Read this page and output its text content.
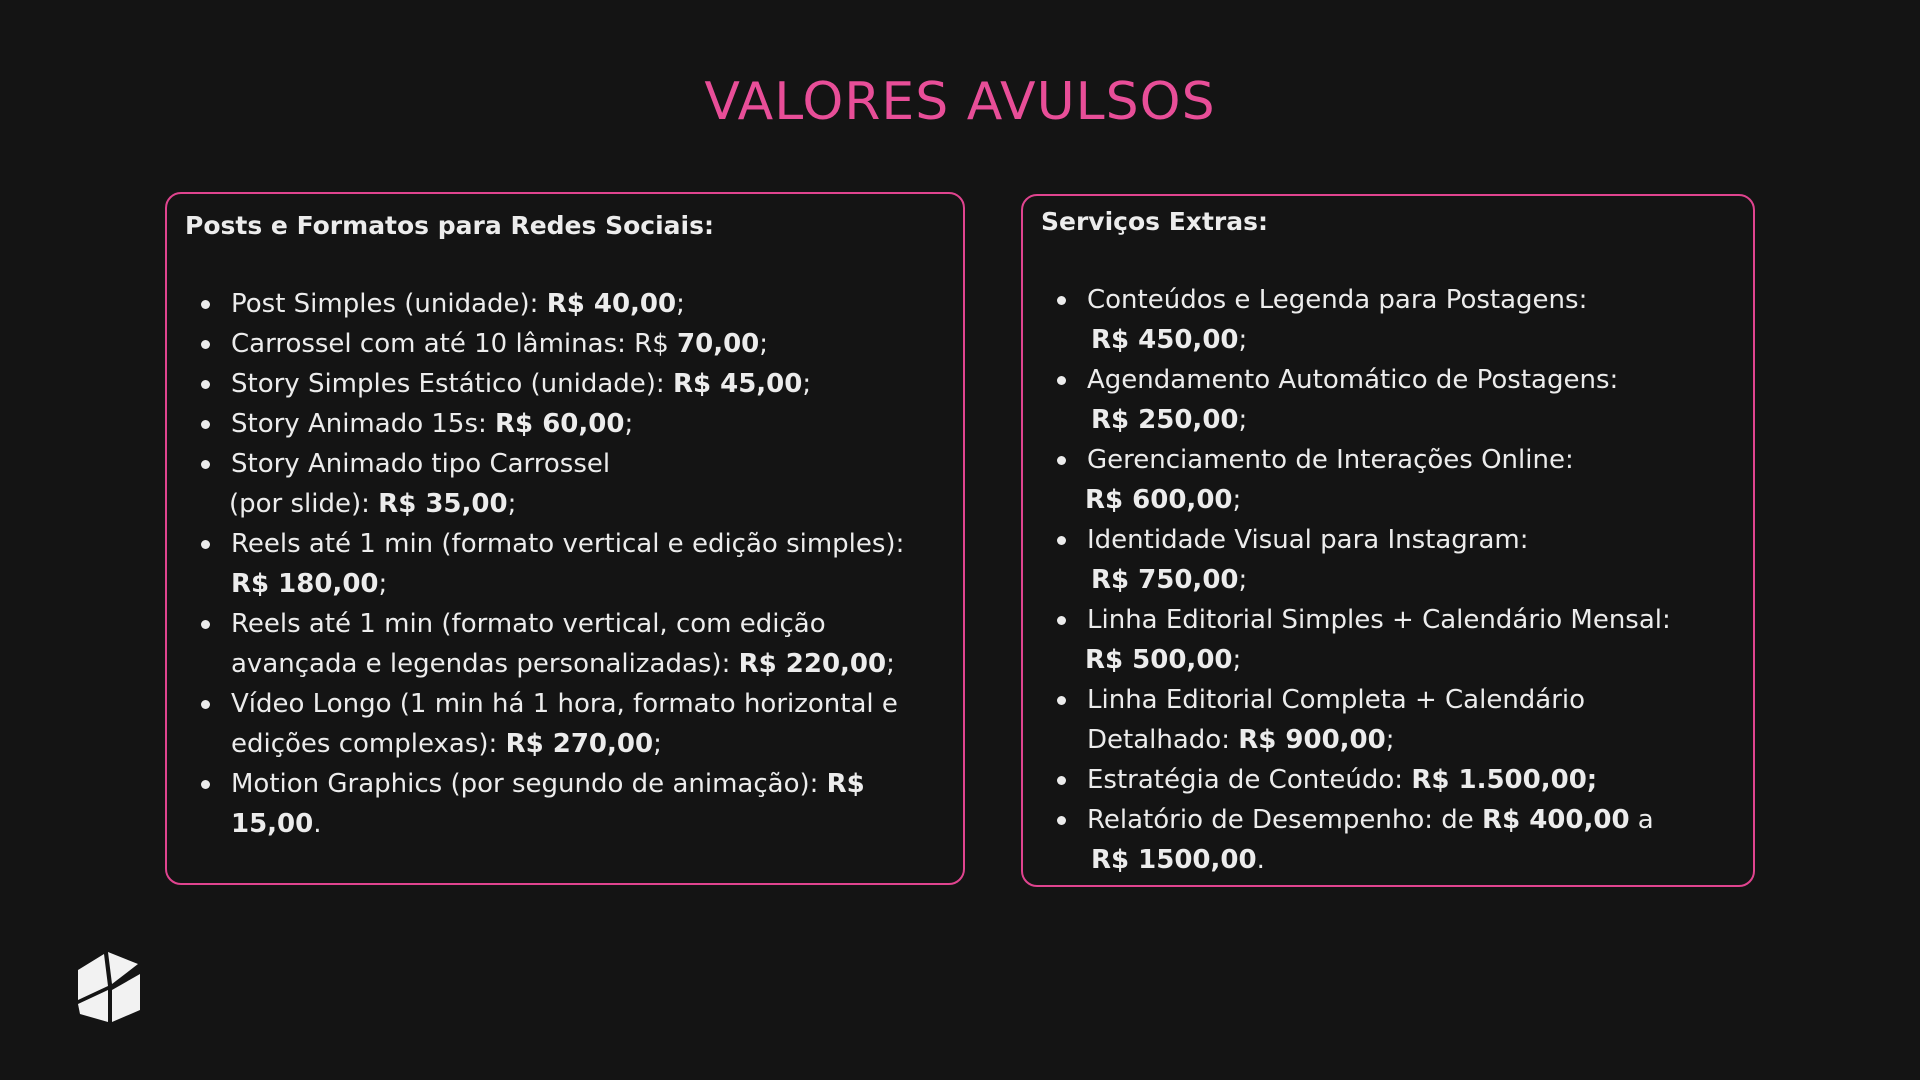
VALORES AVULSOS
Posts e Formatos para Redes Sociais:
Post Simples (unidade): R$ 40,00;
Carrossel com até 10 lâminas: R$ 70,00;
Story Simples Estático (unidade): R$ 45,00;
Story Animado 15s: R$ 60,00;
Story Animado tipo Carrossel
(por slide): R$ 35,00;
Reels até 1 min (formato vertical e edição simples):
R$ 180,00;
Reels até 1 min (formato vertical, com edição
avançada e legendas personalizadas): R$ 220,00;
Vídeo Longo (1 min há 1 hora, formato horizontal e
edições complexas): R$ 270,00;
Motion Graphics (por segundo de animação): R$
15,00.
Serviços Extras:
Conteúdos e Legenda para Postagens:
R$ 450,00;
Agendamento Automático de Postagens:
R$ 250,00;
Gerenciamento de Interações Online:
R$ 600,00;
Identidade Visual para Instagram:
R$ 750,00;
Linha Editorial Simples + Calendário Mensal:
R$ 500,00;
Linha Editorial Completa + Calendário
Detalhado: R$ 900,00;
Estratégia de Conteúdo: R$ 1.500,00;
Relatório de Desempenho: de R$ 400,00 a
R$ 1500,00.
